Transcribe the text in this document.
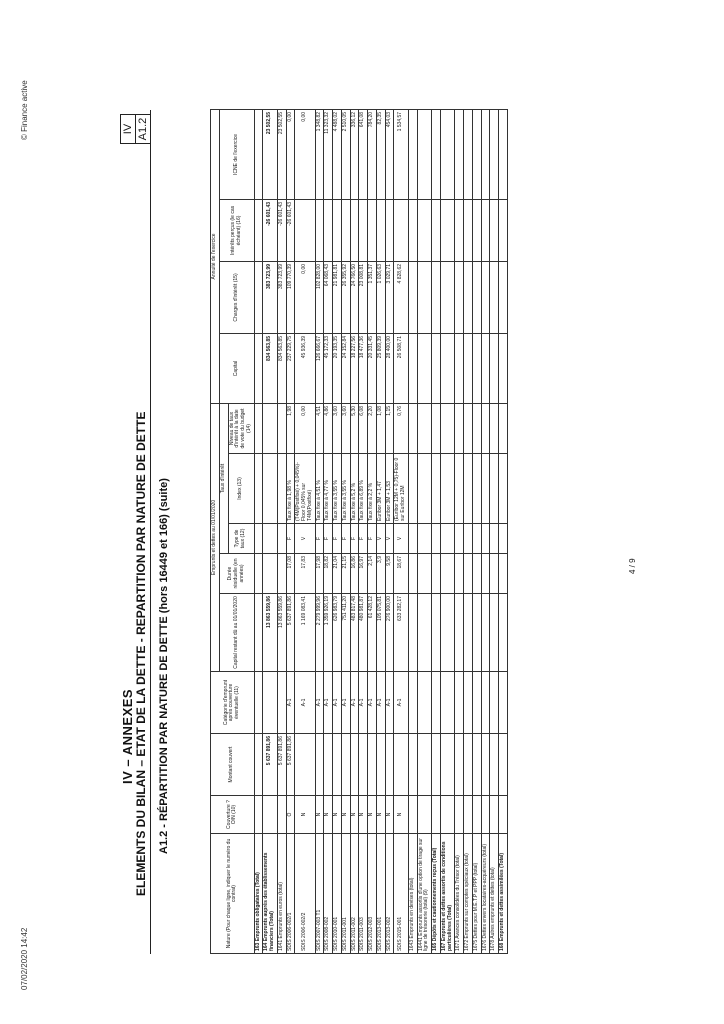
© Finance active
07/02/2020 14:42
IV – ANNEXES ELEMENTS DU BILAN – ETAT DE LA DETTE - REPARTITION PAR NATURE DE DETTE A1.2 - RÉPARTITION PAR NATURE DE DETTE (hors 16449 et 166) (suite)
IV A1.2
Nature (Pour chaque ligne, indiquer le numéro du contrat)	Couverture ? O/N (10)	Montant couvert	Catégorie d'emprunt après couverture éventuelle (11)	Emprunts et dettes au 01/01/2020					Annuité de l'exercice			
				Capital restant dû au 01/01/2020	Durée résiduelle (en années)	Taux d'intérêt			Capital	Charges d'intérêt (15)	Intérêts perçus (le cas échéant) (16)	ICNE de l'exercice
						Type de taux (12)	Index (13)	Niveau de taux d'intérêt à la date de vote du budget (14)				
163 Emprunts obligataires (Total)												
164 Emprunts auprès des établissements financiers (Total)		5 637 891,86		13 863 559,86					834 563,85	383 723,99	-26 601,43	23 502,55
1641 Emprunts en euros (total)		5 637 891,86		13 863 559,86					834 563,85	383 723,99	-26 601,43	23 502,55
SDIS 2006-002/1	O	5 637 891,86	A-1	5 637 891,86	17,08	F	Taux fixe à 1,98 %	1,98	237 229,75	109 770,39	-26 601,43	0,00
SDIS 2006-002/2	N		A-1	1 169 083,41	17,83	V	(T4M(Postfixé) + 0,045%)-Floor 0,045% sur T4M(Postfixé)	0,00	45 936,39	0,00		0,00
SDIS 2007-003 T1	N		A-1	2 279 999,96	17,98	F	Taux fixe à 4,51 %	4,51	126 666,67	102 828,00		1 348,82
SDIS 2008-002	N		A-1	1 359 926,19	18,82	F	Taux fixe à 4,77 %	4,86	45 172,33	64 068,43		11 323,32
SDIS 2010-001	N		A-1	626 983,79	21,04	F	Taux fixe à 3,55 %	3,60	20 193,35	21 981,81		4 488,02
SDIS 2011-001	N		A-1	751 411,20	21,15	F	Taux fixe à 3,55 %	3,60	24 152,84	26 355,92		2 510,05
SDIS 2011-002	N		A-1	483 817,48	16,86	F	Taux fixe à 5,2 %	5,30	18 227,56	24 766,50		336,12
SDIS 2011-003	N		A-1	480 981,87	16,97	F	Taux fixe à 6,89 %	6,08	18 477,36	23 008,81		641,08
SDIS 2012-003	N		A-1	61 428,12	2,14	F	Taux fixe à 2,2 %	2,20	20 331,45	1 351,37		784,20
SDIS 2013-001	N		A-1	105 075,81	3,9	V	Euribor 3M + 1,47	1,08	25 809,39	1 026,63		82,35
SDIS 2013-002	N		A-1	276 900,00	9,58	V	Euribor 3M + 1,53	1,15	28 400,00	3 029,71		454,03
SDIS 2015-001	N		A-1	633 282,17	18,67	V	(Euribor 12M + 0,75)-Floor 0 sur Euribor 12M	0,76	26 508,71	4 828,62		1 534,57
1643 Emprunts en devises (total)												
16441 Emprunts assortis d'une option de tirage sur ligne de trésorerie (total) (9)												
165 Dépôts et cautionnements reçus (Total)												
167 Emprunts et dettes assortis de conditions particulières (Total)												
1671 Avances consolidées du Trésor (total)												
1672 Emprunts sur comptes spéciaux (total)												
1675 Dettes pour M.E.T.P et PPP (total)												
1676 Dettes envers locataires-acquéreurs (total)												
1678 Autres emprunts et dettes (total)												
168 Emprunts et dettes assimilées (Total)												
4 / 9
